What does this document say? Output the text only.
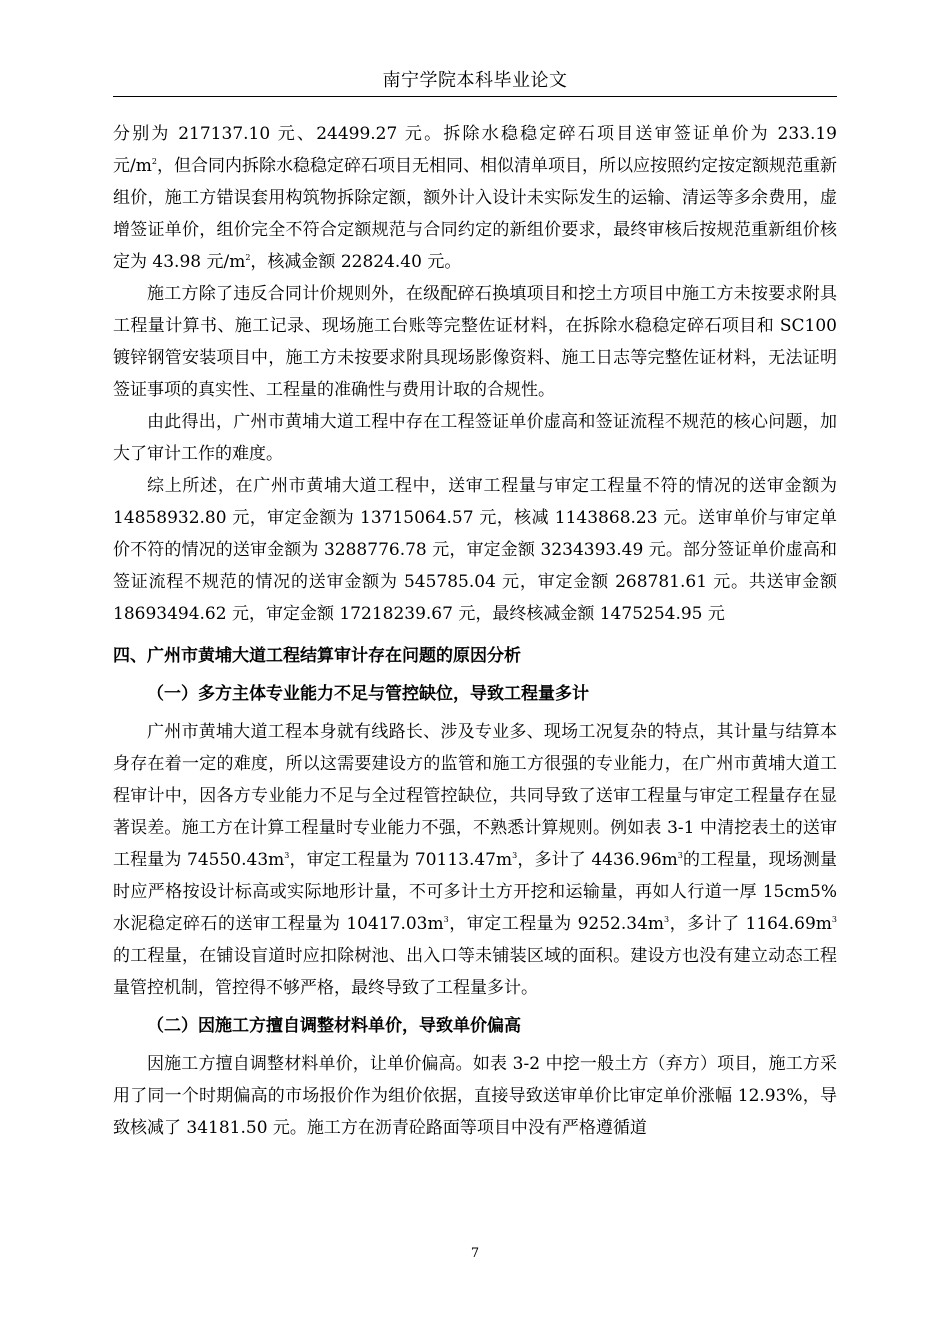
南宁学院本科毕业论文

分别为 217137.10 元、24499.27 元。拆除水稳稳定碎石项目送审签证单价为 233.19 元$/m^2$，但合同内拆除水稳稳定碎石项目无相同、相似清单项目，所以应按照约定按定额规范重新组价，施工方错误套用构筑物拆除定额，额外计入设计未实际发生的运输、清运等多余费用，虚增签证单价，组价完全不符合定额规范与合同约定的新组价要求，最终审核后按规范重新组价核定为 43.98 元$/m^2$，核减金额 22824.40 元。

施工方除了违反合同计价规则外，在级配碎石换填项目和挖土方项目中施工方未按要求附具工程量计算书、施工记录、现场施工台账等完整佐证材料，在拆除水稳稳定碎石项目和 SC100 镀锌钢管安装项目中，施工方未按要求附具现场影像资料、施工日志等完整佐证材料，无法证明签证事项的真实性、工程量的准确性与费用计取的合规性。

由此得出，广州市黄埔大道工程中存在工程签证单价虚高和签证流程不规范的核心问题，加大了审计工作的难度。

综上所述，在广州市黄埔大道工程中，送审工程量与审定工程量不符的情况的送审金额为 14858932.80 元，审定金额为 13715064.57 元，核减 1143868.23 元。送审单价与审定单价不符的情况的送审金额为 3288776.78 元，审定金额 3234393.49 元。部分签证单价虚高和签证流程不规范的情况的送审金额为 545785.04 元，审定金额 268781.61 元。共送审金额 18693494.62 元，审定金额 17218239.67 元，最终核减金额 1475254.95 元

四、广州市黄埔大道工程结算审计存在问题的原因分析

（一）多方主体专业能力不足与管控缺位，导致工程量多计

广州市黄埔大道工程本身就有线路长、涉及专业多、现场工况复杂的特点，其计量与结算本身存在着一定的难度，所以这需要建设方的监管和施工方很强的专业能力，在广州市黄埔大道工程审计中，因各方专业能力不足与全过程管控缺位，共同导致了送审工程量与审定工程量存在显著误差。施工方在计算工程量时专业能力不强，不熟悉计算规则。例如表 3-1 中清挖表土的送审工程量为 $74550.43m^3$，审定工程量为 $70113.47m^3$，多计了 $4436.96m^3$的工程量，现场测量时应严格按设计标高或实际地形计量，不可多计土方开挖和运输量，再如人行道一厚 15cm5%水泥稳定碎石的送审工程量为 $10417.03m^3$，审定工程量为 $9252.34m^3$，多计了 $1164.69m^3$的工程量，在铺设盲道时应扣除树池、出入口等未铺装区域的面积。建设方也没有建立动态工程量管控机制，管控得不够严格，最终导致了工程量多计。

（二）因施工方擅自调整材料单价，导致单价偏高

因施工方擅自调整材料单价，让单价偏高。如表 3-2 中挖一般土方（弃方）项目，施工方采用了同一个时期偏高的市场报价作为组价依据，直接导致送审单价比审定单价涨幅 12.93%，导致核减了 34181.50 元。施工方在沥青砼路面等项目中没有严格遵循道

7
